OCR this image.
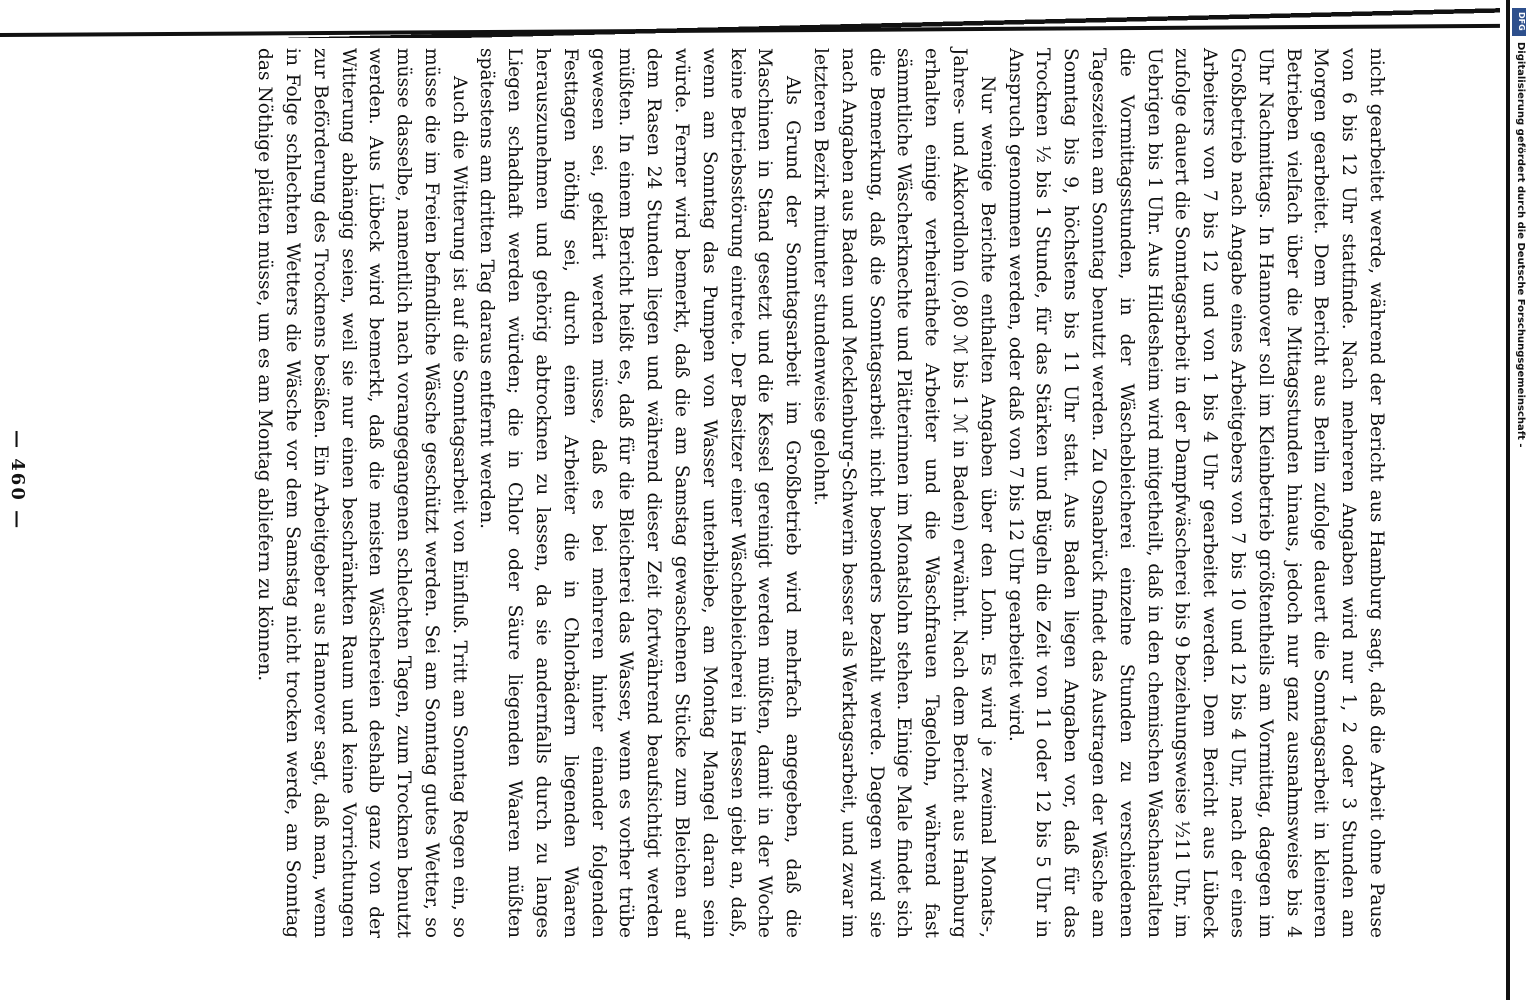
— 460 —	nicht gearbeitet werde, während der Bericht aus Hamburg sagt, daß die Arbeit ohne Pause von 6 bis 12 Uhr stattfinde. Nach mehreren Angaben wird nur 1, 2 oder 3 Stunden am Morgen gearbeitet. Dem Bericht aus Berlin zufolge dauert die Sonntagsarbeit in kleineren Betrieben vielfach über die Mittagsstunden hinaus, jedoch nur ganz ausnahmsweise bis 4 Uhr Nachmittags. In Hannover soll im Kleinbetrieb größtentheils am Vormittag, dagegen im Großbetrieb nach Angabe eines Arbeitgebers von 7 bis 10 und 12 bis 4 Uhr, nach der eines Arbeiters von 7 bis 12 und von 1 bis 4 Uhr gearbeitet werden. Dem Bericht aus Lübeck zufolge dauert die Sonntagsarbeit in der Dampfwäscherei bis 9 beziehungsweise ½11 Uhr, im Uebrigen bis 1 Uhr. Aus Hildesheim wird mitgetheilt, daß in den chemischen Waschanstalten die Vormittagsstunden, in der Wäschebleicherei einzelne Stunden zu verschiedenen Tageszeiten am Sonntag benutzt werden. Zu Osnabrück findet das Austragen der Wäsche am Sonntag bis 9, höchstens bis 11 Uhr statt. Aus Baden liegen Angaben vor, daß für das Trocknen ½ bis 1 Stunde, für das Stärken und Bügeln die Zeit von 11 oder 12 bis 5 Uhr in Anspruch genommen werden, oder daß von 7 bis 12 Uhr gearbeitet wird.

Nur wenige Berichte enthalten Angaben über den Lohn. Es wird je zweimal Monats-, Jahres- und Akkordlohn (0,80 ℳ bis 1 ℳ in Baden) erwähnt. Nach dem Bericht aus Hamburg erhalten einige verheirathete Arbeiter und die Waschfrauen Tagelohn, während fast sämmtliche Wäscherknechte und Plätterinnen im Monatslohn stehen. Einige Male findet sich die Bemerkung, daß die Sonntagsarbeit nicht besonders bezahlt werde. Dagegen wird sie nach Angaben aus Baden und Mecklenburg-Schwerin besser als Werktagsarbeit, und zwar im letzteren Bezirk mitunter stundenweise gelohnt.

Als Grund der Sonntagsarbeit im Großbetrieb wird mehrfach angegeben, daß die Maschinen in Stand gesetzt und die Kessel gereinigt werden müßten, damit in der Woche keine Betriebsstörung eintrete. Der Besitzer einer Wäschebleicherei in Hessen giebt an, daß, wenn am Sonntag das Pumpen von Wasser unterbliebe, am Montag Mangel daran sein würde. Ferner wird bemerkt, daß die am Samstag gewaschenen Stücke zum Bleichen auf dem Rasen 24 Stunden liegen und während dieser Zeit fortwährend beaufsichtigt werden müßten. In einem Bericht heißt es, daß für die Bleicherei das Wasser, wenn es vorher trübe gewesen sei, geklärt werden müsse, daß es bei mehreren hinter einander folgenden Festtagen nöthig sei, durch einen Arbeiter die in Chlorbädern liegenden Waaren herauszunehmen und gehörig abtrocknen zu lassen, da sie andernfalls durch zu langes Liegen schadhaft werden würden; die in Chlor oder Säure liegenden Waaren müßten spätestens am dritten Tag daraus entfernt werden.

Auch die Witterung ist auf die Sonntagsarbeit von Einfluß. Tritt am Sonntag Regen ein, so müsse die im Freien befindliche Wäsche geschützt werden. Sei am Sonntag gutes Wetter, so müsse dasselbe, namentlich nach vorangegangenen schlechten Tagen, zum Trocknen benutzt werden. Aus Lübeck wird bemerkt, daß die meisten Wäschereien deshalb ganz von der Witterung abhängig seien, weil sie nur einen beschränkten Raum und keine Vorrichtungen zur Beförderung des Trocknens besäßen. Ein Arbeitgeber aus Hannover sagt, daß man, wenn in Folge schlechten Wetters die Wäsche vor dem Samstag nicht trocken werde, am Sonntag das Nöthige plätten müsse, um es am Montag abliefern zu können.

DFG
Digitalisierung gefördert durch die Deutsche Forschungsgemeinschaft -
